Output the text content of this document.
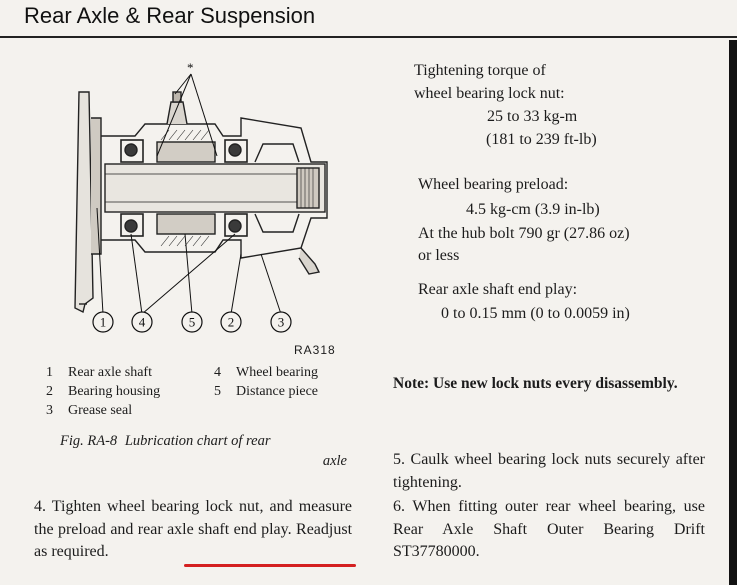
Rear Axle & Rear Suspension
*
1	4	5	2	3
RA318
1 Rear axle shaft
2 Bearing housing
3 Grease seal
4 Wheel bearing
5 Distance piece
Fig. RA-8 Lubrication chart of rear
axle
4. Tighten wheel bearing lock nut, and measure the preload and rear axle shaft end play. Readjust as required.
Tightening torque of
wheel bearing lock nut:
25 to 33 kg-m
(181 to 239 ft-lb)
Wheel bearing preload:
4.5 kg-cm (3.9 in-lb)
At the hub bolt 790 gr (27.86 oz)
or less
Rear axle shaft end play:
0 to 0.15 mm (0 to 0.0059 in)
Note: Use new lock nuts every disassembly.
5. Caulk wheel bearing lock nuts securely after tightening.
6. When fitting outer rear wheel bearing, use Rear Axle Shaft Outer Bearing Drift ST37780000.
